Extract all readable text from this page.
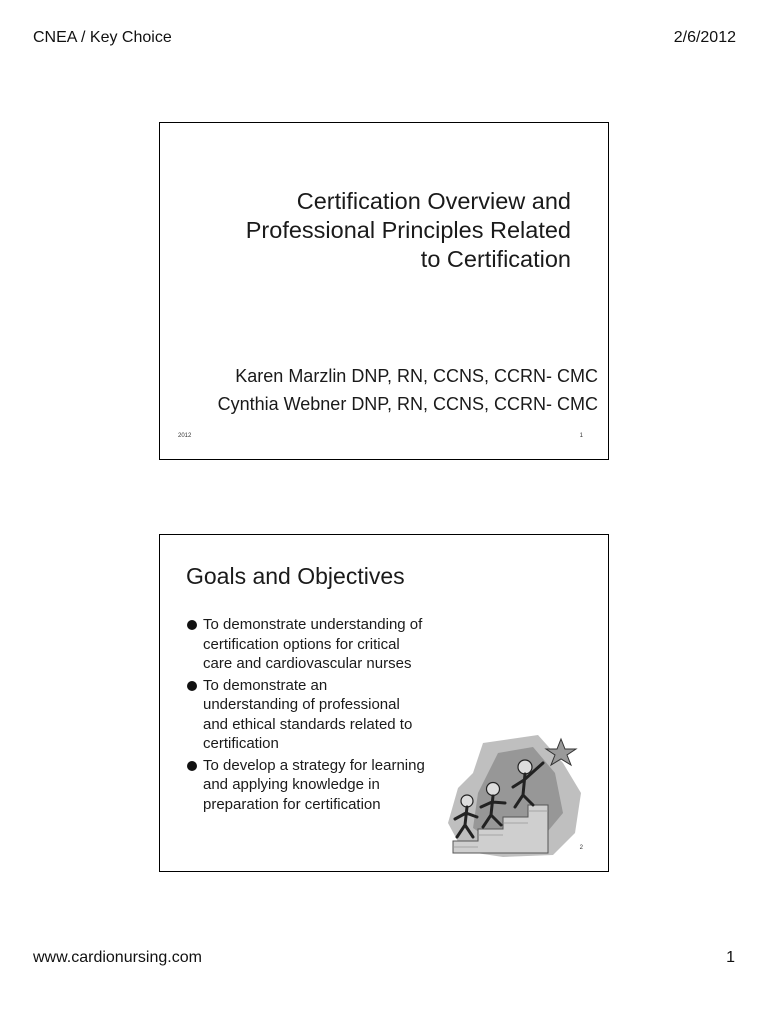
CNEA / Key Choice	2/6/2012
Certification Overview and
Professional Principles Related
to Certification
Karen Marzlin DNP, RN, CCNS, CCRN- CMC
Cynthia Webner DNP, RN, CCNS, CCRN- CMC
2012	1
Goals and Objectives
To demonstrate understanding of
certification options for critical
care and cardiovascular nurses
To demonstrate an
understanding of professional
and ethical standards related to
certification
To develop a strategy for learning
and applying knowledge in
preparation for certification
2
www.cardionursing.com	1
